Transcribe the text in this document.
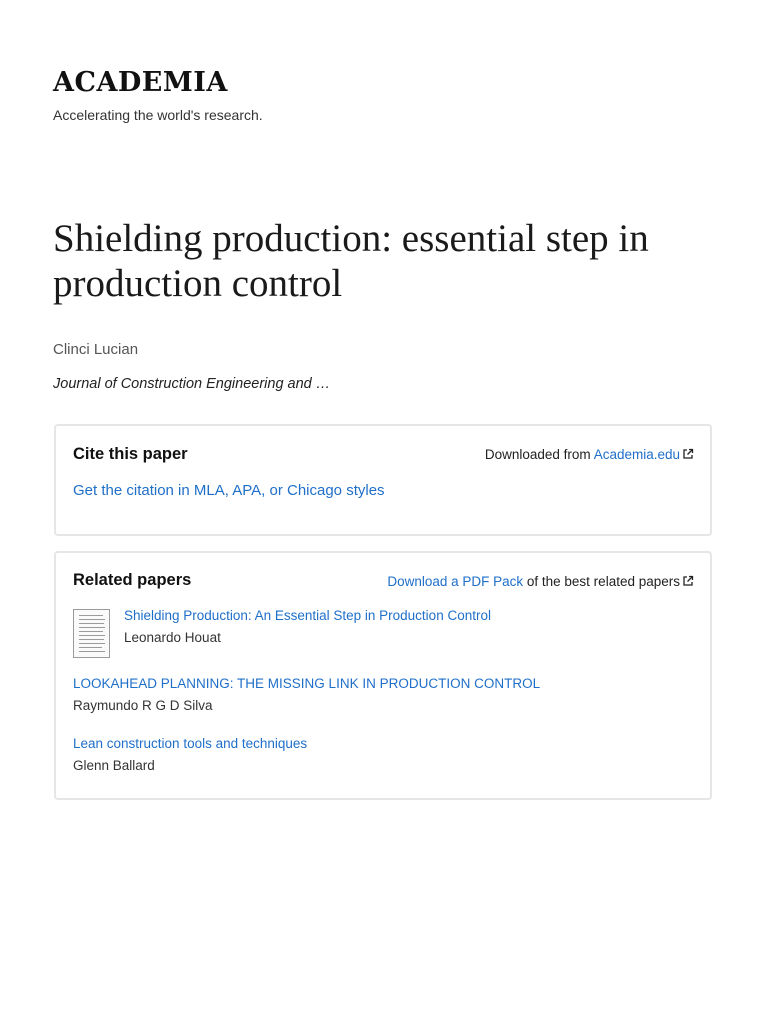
ACADEMIA
Accelerating the world's research.
Shielding production: essential step in production control
Clinci Lucian
Journal of Construction Engineering and …
Cite this paper	Downloaded from Academia.edu
Get the citation in MLA, APA, or Chicago styles
Related papers	Download a PDF Pack of the best related papers
Shielding Production: An Essential Step in Production Control
Leonardo Houat
LOOKAHEAD PLANNING: THE MISSING LINK IN PRODUCTION CONTROL
Raymundo R G D Silva
Lean construction tools and techniques
Glenn Ballard
